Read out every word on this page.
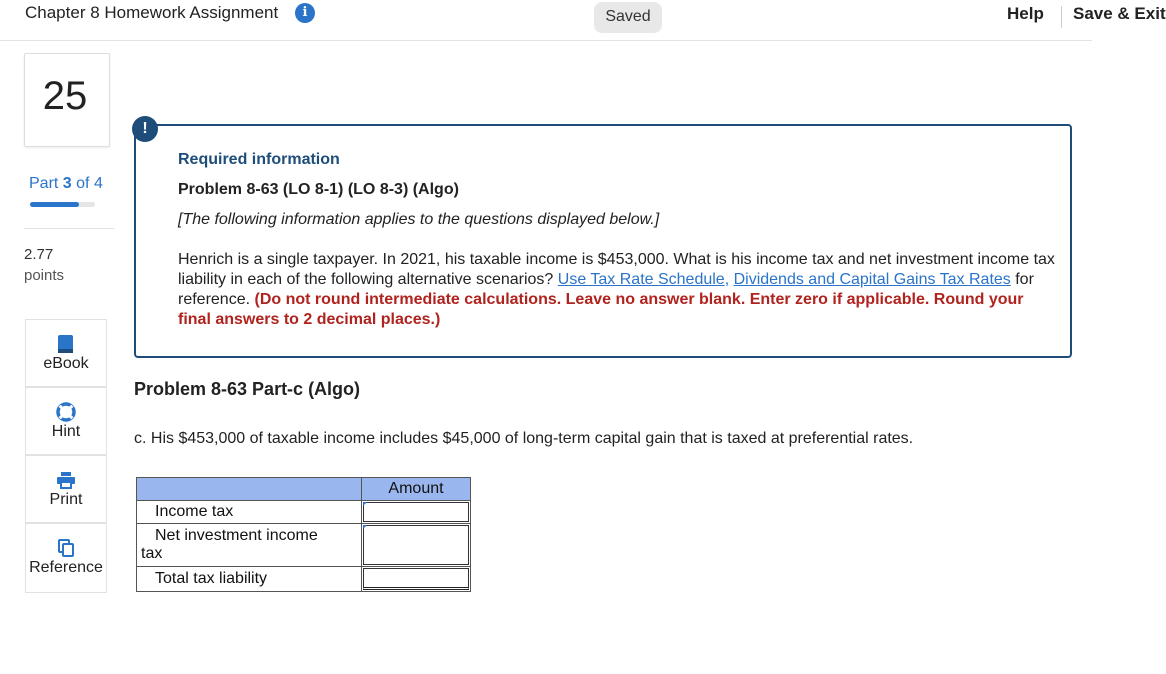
Chapter 8 Homework Assignment	i	Saved	Help Save & Exit
25
Part 3 of 4
2.77
points
eBook
Hint
Print
Reference
!
Required information
Problem 8-63 (LO 8-1) (LO 8-3) (Algo)
[The following information applies to the questions displayed below.]
Henrich is a single taxpayer. In 2021, his taxable income is $453,000. What is his income tax and net investment income tax liability in each of the following alternative scenarios? Use Tax Rate Schedule, Dividends and Capital Gains Tax Rates for reference. (Do not round intermediate calculations. Leave no answer blank. Enter zero if applicable. Round your final answers to 2 decimal places.)
Problem 8-63 Part-c (Algo)
c. His $453,000 of taxable income includes $45,000 of long-term capital gain that is taxed at preferential rates.
	Amount

Income tax

Net investment income
tax

Total tax liability
